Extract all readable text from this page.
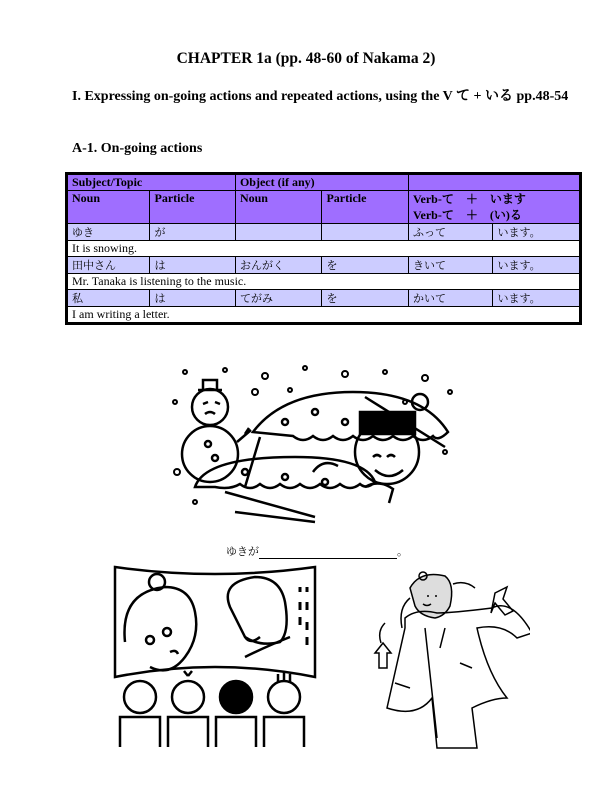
CHAPTER 1a (pp. 48-60 of Nakama 2)
I. Expressing on-going actions and repeated actions, using the V て + いる pp.48-54
A-1. On-going actions
Subject/Topic		Object (if any)			
Noun	Particle	Noun	Particle	Verb-て　＋　います
Verb-て　＋　(い)る	

ゆき	が			ふって	います。
It is snowing.					
田中さん	は	おんがく	を	きいて	います。
Mr. Tanaka is listening to the music.					
私	は	てがみ	を	かいて	います。
I am writing a letter.					
ゆきが	。
